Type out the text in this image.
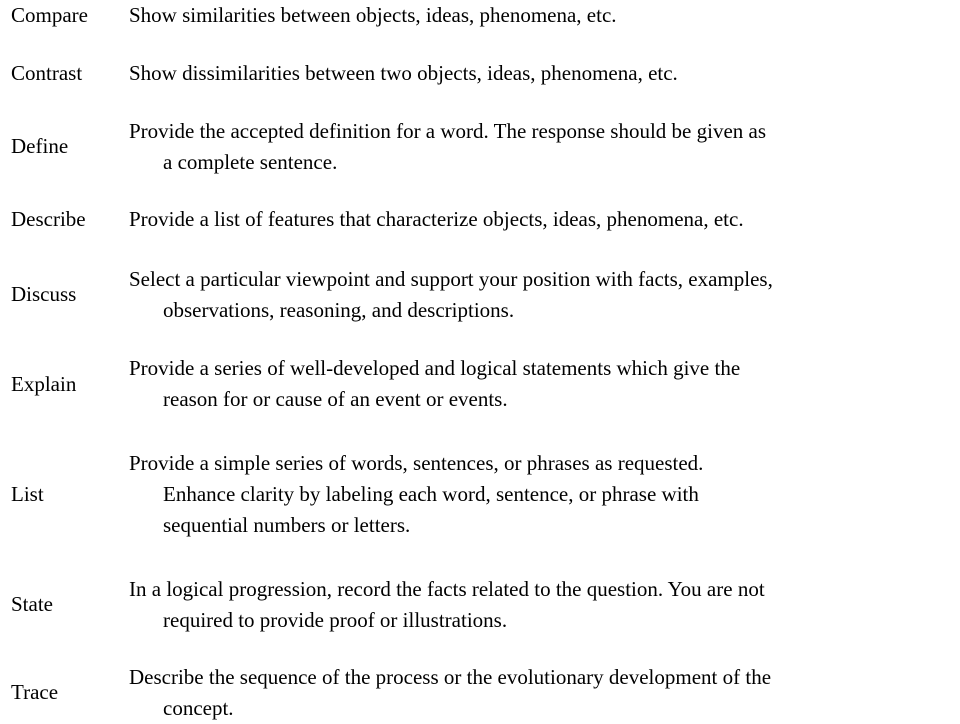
Compare Show similarities between objects, ideas, phenomena, etc.
Contrast Show dissimilarities between two objects, ideas, phenomena, etc.
Define
Provide the accepted definition for a word. The response should be given as
a complete sentence.
Describe Provide a list of features that characterize objects, ideas, phenomena, etc.
Discuss
Select a particular viewpoint and support your position with facts, examples,
observations, reasoning, and descriptions.
Explain
Provide a series of well-developed and logical statements which give the
reason for or cause of an event or events.
List
Provide a simple series of words, sentences, or phrases as requested.
Enhance clarity by labeling each word, sentence, or phrase with
sequential numbers or letters.
State
In a logical progression, record the facts related to the question. You are not
required to provide proof or illustrations.
Trace
Describe the sequence of the process or the evolutionary development of the
concept.
